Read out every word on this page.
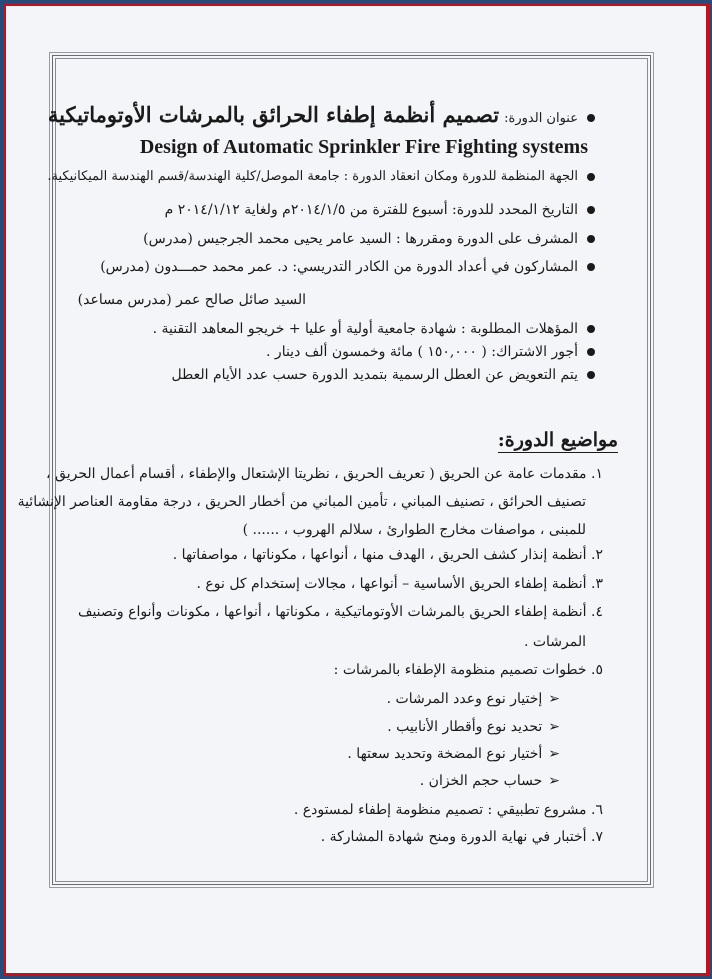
عنوان الدورة: تصميم أنظمة إطفاء الحرائق بالمرشات الأوتوماتيكية
Design of Automatic Sprinkler Fire Fighting systems
الجهة المنظمة للدورة ومكان انعقاد الدورة : جامعة الموصل/كلية الهندسة/قسم الهندسة الميكانيكية.
التاريخ المحدد للدورة: أسبوع للفترة من ٢٠١٤/١/٥م ولغاية ٢٠١٤/١/١٢ م
المشرف على الدورة ومقررها : السيد عامر يحيى محمد الجرجيس (مدرس)
المشاركون في أعداد الدورة من الكادر التدريسي: د. عمر محمد حمـــدون (مدرس)
السيد صائل صالح عمر (مدرس مساعد)
المؤهلات المطلوبة : شهادة جامعية أولية أو عليا + خريجو المعاهد التقنية .
أجور الاشتراك: ( ١٥٠,٠٠٠ ) مائة وخمسون ألف دينار .
يتم التعويض عن العطل الرسمية بتمديد الدورة حسب عدد الأيام العطل
مواضيع الدورة:
١. مقدمات عامة عن الحريق ( تعريف الحريق ، نظريتا الإشتعال والإطفاء ، أقسام أعمال الحريق ،
تصنيف الحرائق ، تصنيف المباني ، تأمين المباني من أخطار الحريق ، درجة مقاومة العناصر الإنشائية
للمبنى ، مواصفات مخارج الطوارئ ، سلالم الهروب ، ...... )
٢. أنظمة إنذار كشف الحريق ، الهدف منها ، أنواعها ، مكوناتها ، مواصفاتها .
٣. أنظمة إطفاء الحريق الأساسية – أنواعها ، مجالات إستخدام كل نوع .
٤. أنظمة إطفاء الحريق بالمرشات الأوتوماتيكية ، مكوناتها ، أنواعها ، مكونات وأنواع وتصنيف
المرشات .
٥. خطوات تصميم منظومة الإطفاء بالمرشات :
➢إختيار نوع وعدد المرشات .
➢تحديد نوع وأقطار الأنابيب .
➢أختيار نوع المضخة وتحديد سعتها .
➢حساب حجم الخزان .
٦. مشروع تطبيقي : تصميم منظومة إطفاء لمستودع .
٧. أختبار في نهاية الدورة ومنح شهادة المشاركة .
